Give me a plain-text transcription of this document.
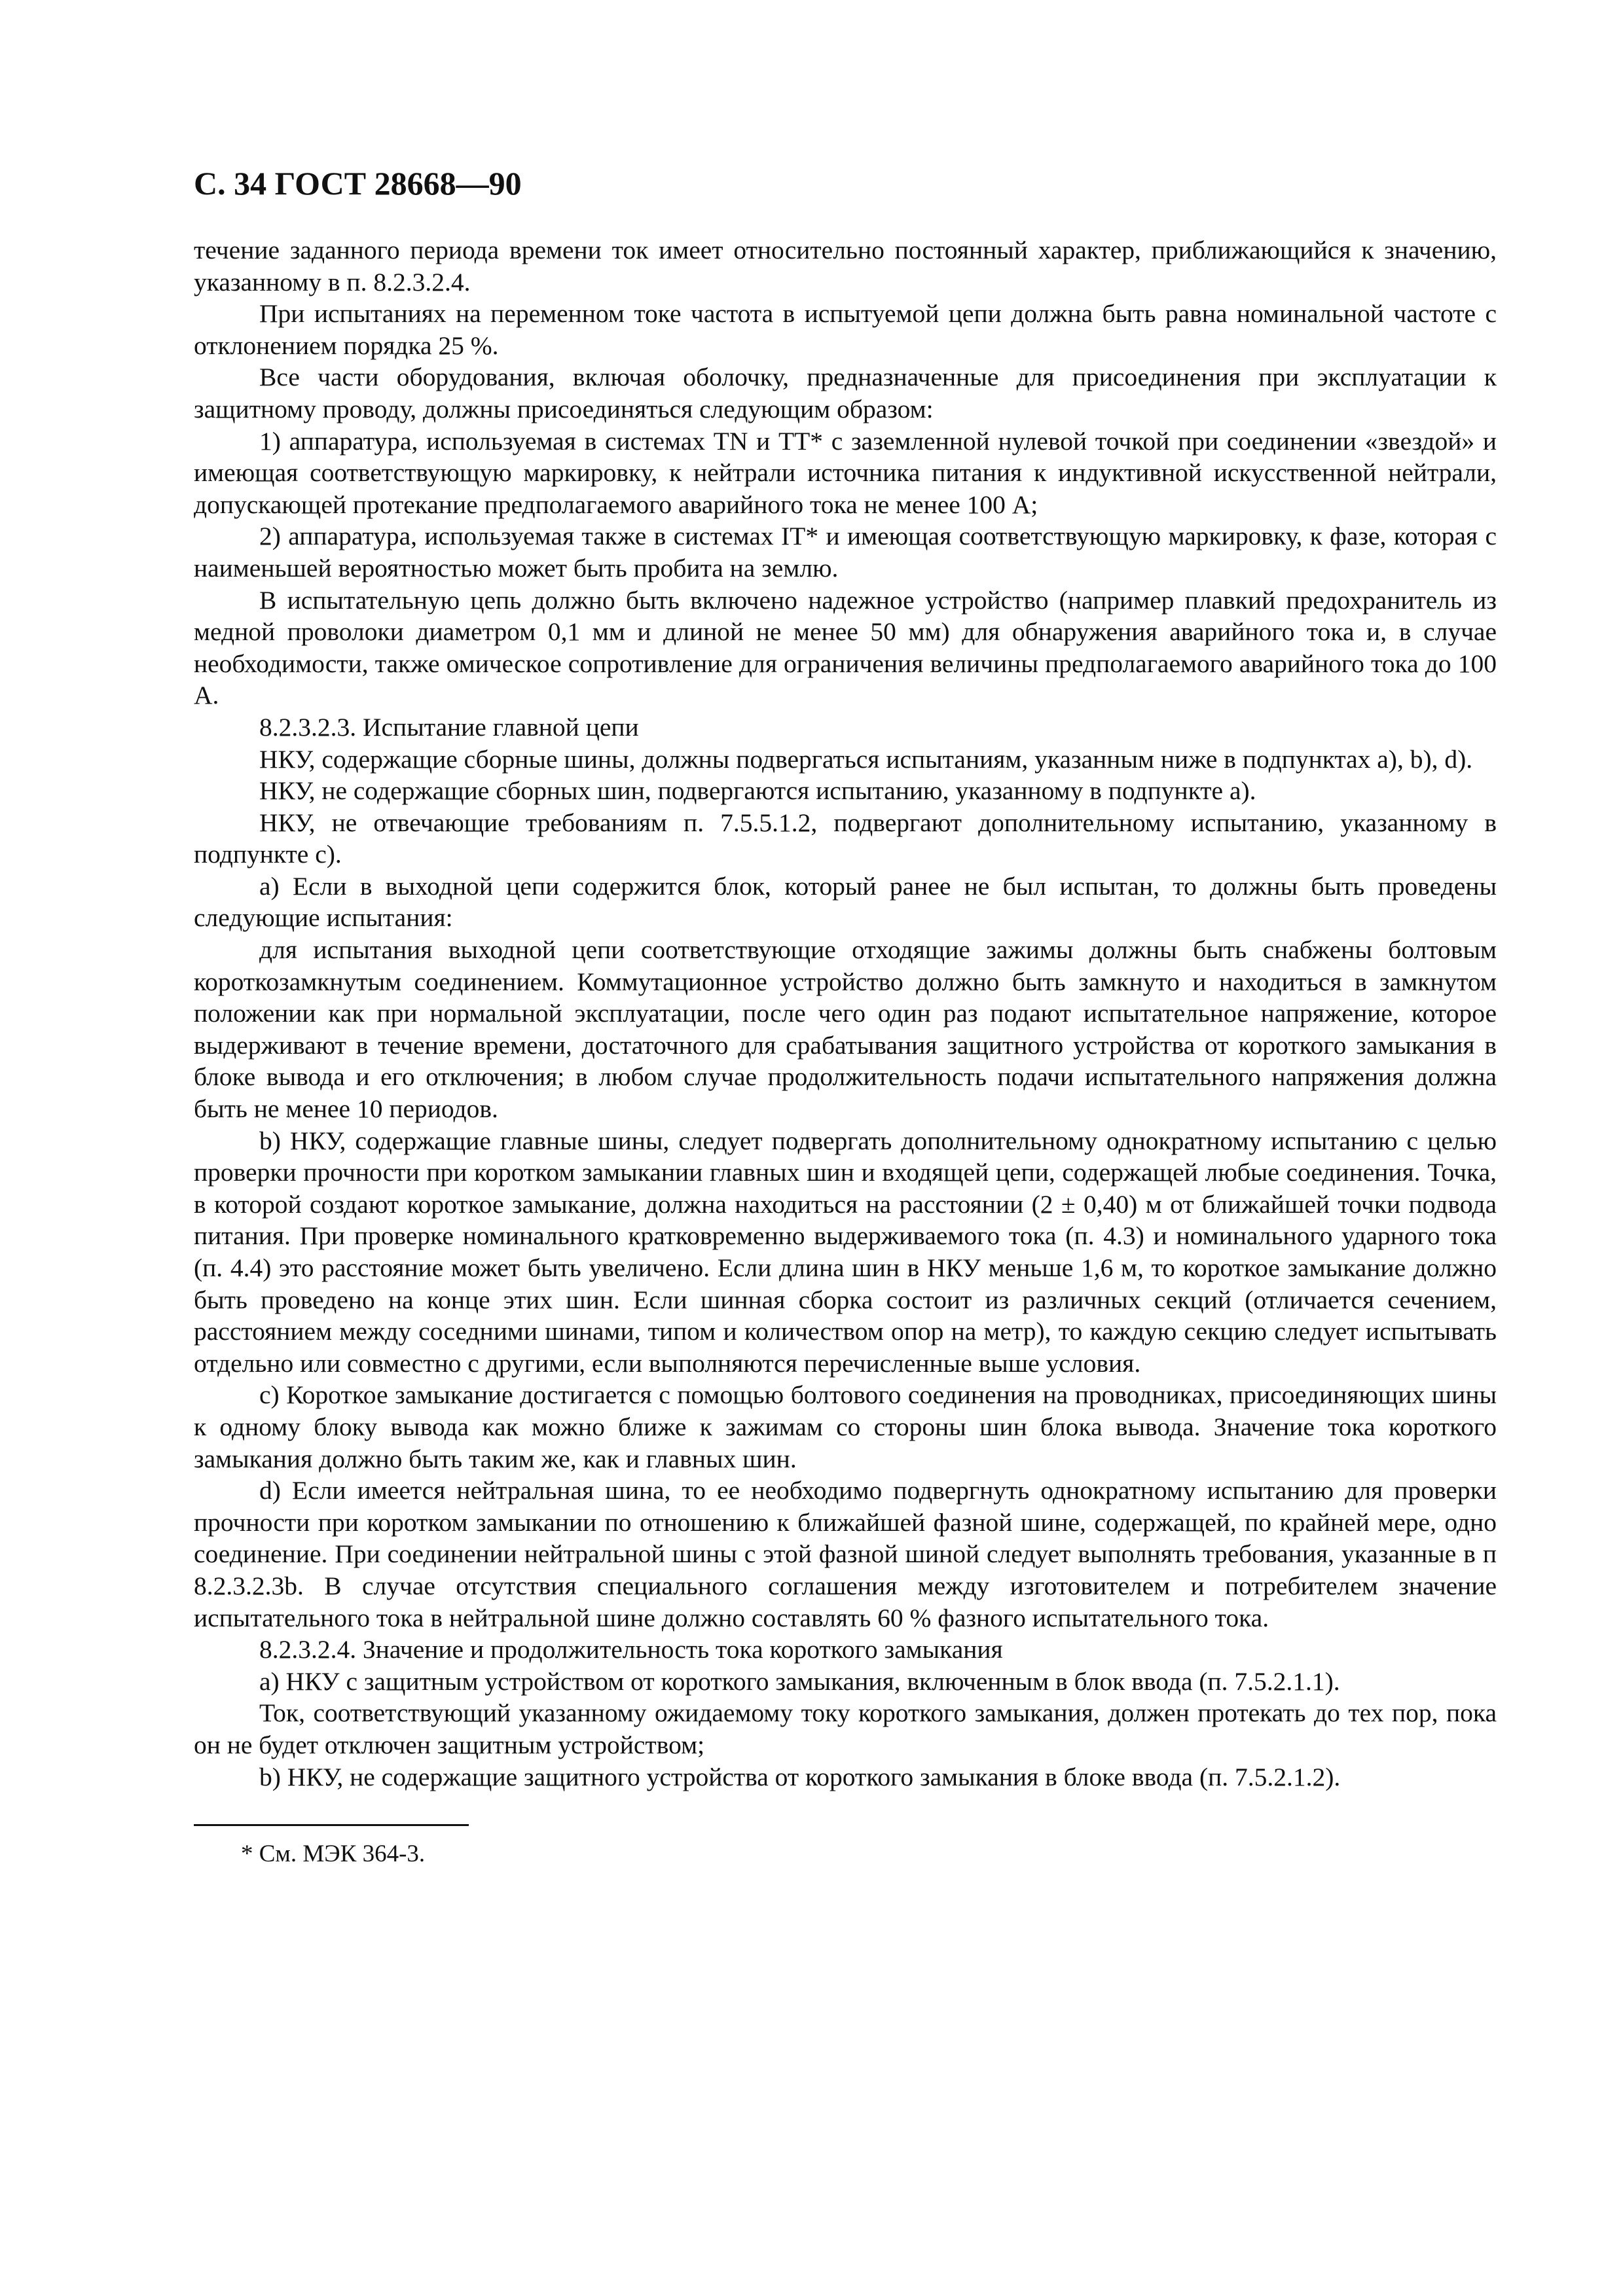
С. 34 ГОСТ 28668—90

течение заданного периода времени ток имеет относительно постоянный характер, приближающийся к значению, указанному в п. 8.2.3.2.4.

При испытаниях на переменном токе частота в испытуемой цепи должна быть равна номинальной частоте с отклонением порядка 25 %.

Все части оборудования, включая оболочку, предназначенные для присоединения при эксплуатации к защитному проводу, должны присоединяться следующим образом:

1) аппаратура, используемая в системах TN и TT* с заземленной нулевой точкой при соединении «звездой» и имеющая соответствующую маркировку, к нейтрали источника питания к индуктивной искусственной нейтрали, допускающей протекание предполагаемого аварийного тока не менее 100 А;

2) аппаратура, используемая также в системах IT* и имеющая соответствующую маркировку, к фазе, которая с наименьшей вероятностью может быть пробита на землю.

В испытательную цепь должно быть включено надежное устройство (например плавкий предохранитель из медной проволоки диаметром 0,1 мм и длиной не менее 50 мм) для обнаружения аварийного тока и, в случае необходимости, также омическое сопротивление для ограничения величины предполагаемого аварийного тока до 100 А.

8.2.3.2.3. Испытание главной цепи

НКУ, содержащие сборные шины, должны подвергаться испытаниям, указанным ниже в подпунктах a), b), d).

НКУ, не содержащие сборных шин, подвергаются испытанию, указанному в подпункте a).

НКУ, не отвечающие требованиям п. 7.5.5.1.2, подвергают дополнительному испытанию, указанному в подпункте c).

a) Если в выходной цепи содержится блок, который ранее не был испытан, то должны быть проведены следующие испытания:

для испытания выходной цепи соответствующие отходящие зажимы должны быть снабжены болтовым короткозамкнутым соединением. Коммутационное устройство должно быть замкнуто и находиться в замкнутом положении как при нормальной эксплуатации, после чего один раз подают испытательное напряжение, которое выдерживают в течение времени, достаточного для срабатывания защитного устройства от короткого замыкания в блоке вывода и его отключения; в любом случае продолжительность подачи испытательного напряжения должна быть не менее 10 периодов.

b) НКУ, содержащие главные шины, следует подвергать дополнительному однократному испытанию с целью проверки прочности при коротком замыкании главных шин и входящей цепи, содержащей любые соединения. Точка, в которой создают короткое замыкание, должна находиться на расстоянии (2 ± 0,40) м от ближайшей точки подвода питания. При проверке номинального кратковременно выдерживаемого тока (п. 4.3) и номинального ударного тока (п. 4.4) это расстояние может быть увеличено. Если длина шин в НКУ меньше 1,6 м, то короткое замыкание должно быть проведено на конце этих шин. Если шинная сборка состоит из различных секций (отличается сечением, расстоянием между соседними шинами, типом и количеством опор на метр), то каждую секцию следует испытывать отдельно или совместно с другими, если выполняются перечисленные выше условия.

c) Короткое замыкание достигается с помощью болтового соединения на проводниках, присоединяющих шины к одному блоку вывода как можно ближе к зажимам со стороны шин блока вывода. Значение тока короткого замыкания должно быть таким же, как и главных шин.

d) Если имеется нейтральная шина, то ее необходимо подвергнуть однократному испытанию для проверки прочности при коротком замыкании по отношению к ближайшей фазной шине, содержащей, по крайней мере, одно соединение. При соединении нейтральной шины с этой фазной шиной следует выполнять требования, указанные в п 8.2.3.2.3b. В случае отсутствия специального соглашения между изготовителем и потребителем значение испытательного тока в нейтральной шине должно составлять 60 % фазного испытательного тока.

8.2.3.2.4. Значение и продолжительность тока короткого замыкания

a) НКУ с защитным устройством от короткого замыкания, включенным в блок ввода (п. 7.5.2.1.1).

Ток, соответствующий указанному ожидаемому току короткого замыкания, должен протекать до тех пор, пока он не будет отключен защитным устройством;

b) НКУ, не содержащие защитного устройства от короткого замыкания в блоке ввода (п. 7.5.2.1.2).

* См. МЭК 364-3.
